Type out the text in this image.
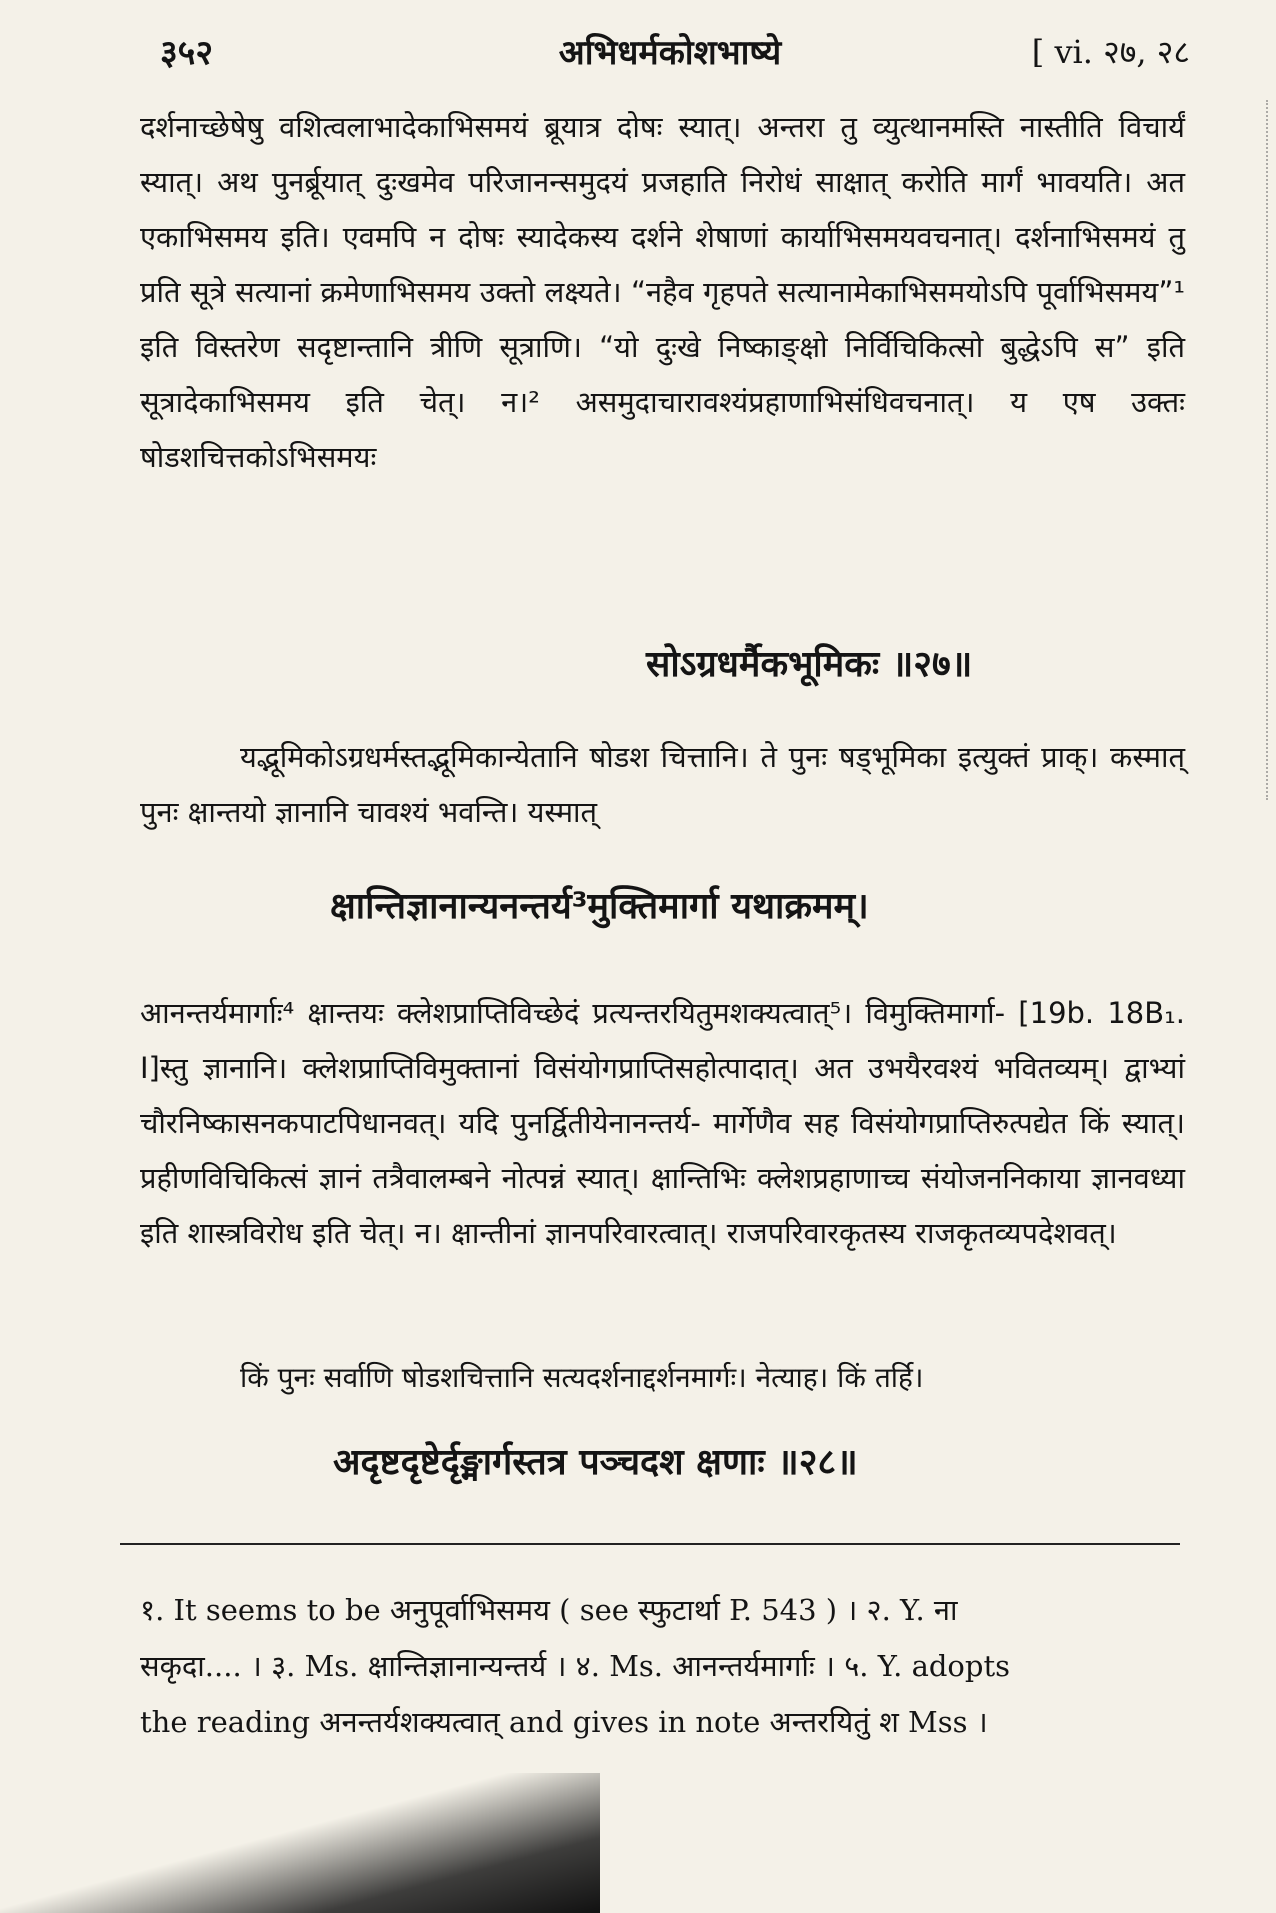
३५२	अभिधर्मकोशभाष्ये	[ vi. २७, २८

दर्शनाच्छेषेषु वशित्वलाभादेकाभिसमयं ब्रूयात्र दोषः स्यात्। अन्तरा तु व्युत्थानमस्ति नास्तीति विचार्यं स्यात्। अथ पुनर्ब्रूयात् दुःखमेव परिजानन्समुदयं प्रजहाति निरोधं साक्षात् करोति मार्गं भावयति। अत एकाभिसमय इति। एवमपि न दोषः स्यादेकस्य दर्शने शेषाणां कार्याभिसमयवचनात्। दर्शनाभिसमयं तु प्रति सूत्रे सत्यानां क्रमेणाभिसमय उक्तो लक्ष्यते। “नहैव गृहपते सत्यानामेकाभिसमयोऽपि पूर्वाभिसमय”¹ इति विस्तरेण सदृष्टान्तानि त्रीणि सूत्राणि। “यो दुःखे निष्काङ्क्षो निर्विचिकित्सो बुद्धेऽपि स” इति सूत्रादेकाभिसमय इति चेत्। न।² असमुदाचारावश्यंप्रहाणाभिसंधिवचनात्। य एष उक्तः षोडशचित्तकोऽभिसमयः

सोऽग्रधर्मैकभूमिकः ॥२७॥

यद्भूमिकोऽग्रधर्मस्तद्भूमिकान्येतानि षोडश चित्तानि। ते पुनः षड्भूमिका इत्युक्तं प्राक्। कस्मात् पुनः क्षान्तयो ज्ञानानि चावश्यं भवन्ति। यस्मात्

क्षान्तिज्ञानान्यनन्तर्य³मुक्तिमार्गा यथाक्रमम्।

आनन्तर्यमार्गाः⁴ क्षान्तयः क्लेशप्राप्तिविच्छेदं प्रत्यन्तरयितुमशक्यत्वात्⁵। विमुक्तिमार्गा- [19b. 18B₁. I]स्तु ज्ञानानि। क्लेशप्राप्तिविमुक्तानां विसंयोगप्राप्तिसहोत्पादात्। अत उभयैरवश्यं भवितव्यम्। द्वाभ्यां चौरनिष्कासनकपाटपिधानवत्। यदि पुनर्द्वितीयेनानन्तर्य- मार्गेणैव सह विसंयोगप्राप्तिरुत्पद्येत किं स्यात्। प्रहीणविचिकित्सं ज्ञानं तत्रैवालम्बने नोत्पन्नं स्यात्। क्षान्तिभिः क्लेशप्रहाणाच्च संयोजननिकाया ज्ञानवध्या इति शास्त्रविरोध इति चेत्। न। क्षान्तीनां ज्ञानपरिवारत्वात्। राजपरिवारकृतस्य राजकृतव्यपदेशवत्।

किं पुनः सर्वाणि षोडशचित्तानि सत्यदर्शनाद्दर्शनमार्गः। नेत्याह। किं तर्हि।

अदृष्टदृष्टेर्दृङ्मार्गस्तत्र पञ्चदश क्षणाः ॥२८॥
१. It seems to be अनुपूर्वाभिसमय ( see स्फुटार्था P. 543 ) । २. Y. ना
सकृदा.... । ३. Ms. क्षान्तिज्ञानान्यन्तर्य । ४. Ms. आनन्तर्यमार्गाः । ५. Y. adopts
the reading अनन्तर्यशक्यत्वात् and gives in note अन्तरयितुं श Mss ।
